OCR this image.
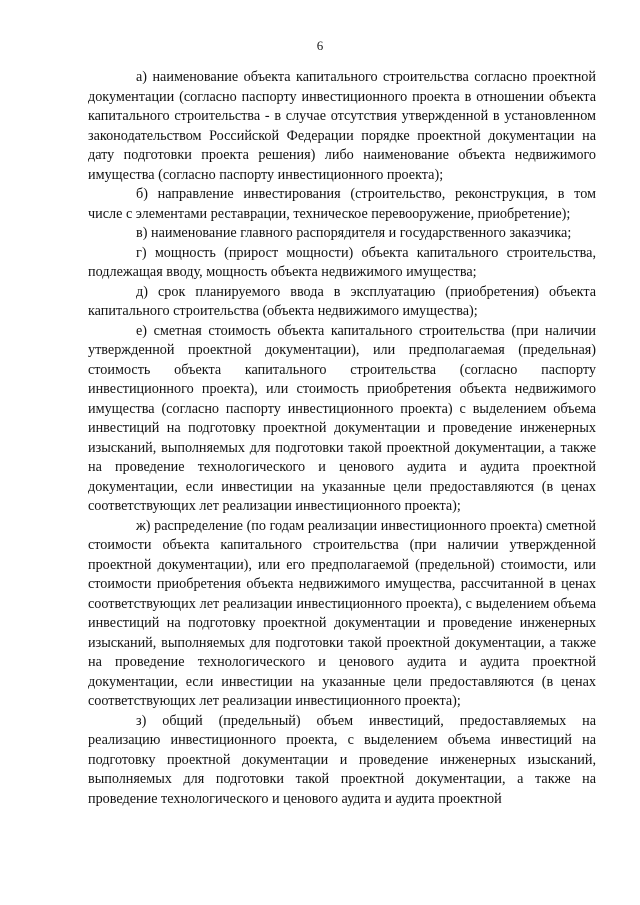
6

а) наименование объекта капитального строительства согласно проектной документации (согласно паспорту инвестиционного проекта в отношении объекта капитального строительства - в случае отсутствия утвержденной в установленном законодательством Российской Федерации порядке проектной документации на дату подготовки проекта решения) либо наименование объекта недвижимого имущества (согласно паспорту инвестиционного проекта);

б) направление инвестирования (строительство, реконструкция, в том числе с элементами реставрации, техническое перевооружение, приобретение);

в) наименование главного распорядителя и государственного заказчика;

г) мощность (прирост мощности) объекта капитального строительства, подлежащая вводу, мощность объекта недвижимого имущества;

д) срок планируемого ввода в эксплуатацию (приобретения) объекта капитального строительства (объекта недвижимого имущества);

е) сметная стоимость объекта капитального строительства (при наличии утвержденной проектной документации), или предполагаемая (предельная) стоимость объекта капитального строительства (согласно паспорту инвестиционного проекта), или стоимость приобретения объекта недвижимого имущества (согласно паспорту инвестиционного проекта) с выделением объема инвестиций на подготовку проектной документации и проведение инженерных изысканий, выполняемых для подготовки такой проектной документации, а также на проведение технологического и ценового аудита и аудита проектной документации, если инвестиции на указанные цели предоставляются (в ценах соответствующих лет реализации инвестиционного проекта);

ж) распределение (по годам реализации инвестиционного проекта) сметной стоимости объекта капитального строительства (при наличии утвержденной проектной документации), или его предполагаемой (предельной) стоимости, или стоимости приобретения объекта недвижимого имущества, рассчитанной в ценах соответствующих лет реализации инвестиционного проекта), с выделением объема инвестиций на подготовку проектной документации и проведение инженерных изысканий, выполняемых для подготовки такой проектной документации, а также на проведение технологического и ценового аудита и аудита проектной документации, если инвестиции на указанные цели предоставляются (в ценах соответствующих лет реализации инвестиционного проекта);

з) общий (предельный) объем инвестиций, предоставляемых на реализацию инвестиционного проекта, с выделением объема инвестиций на подготовку проектной документации и проведение инженерных изысканий, выполняемых для подготовки такой проектной документации, а также на проведение технологического и ценового аудита и аудита проектной
